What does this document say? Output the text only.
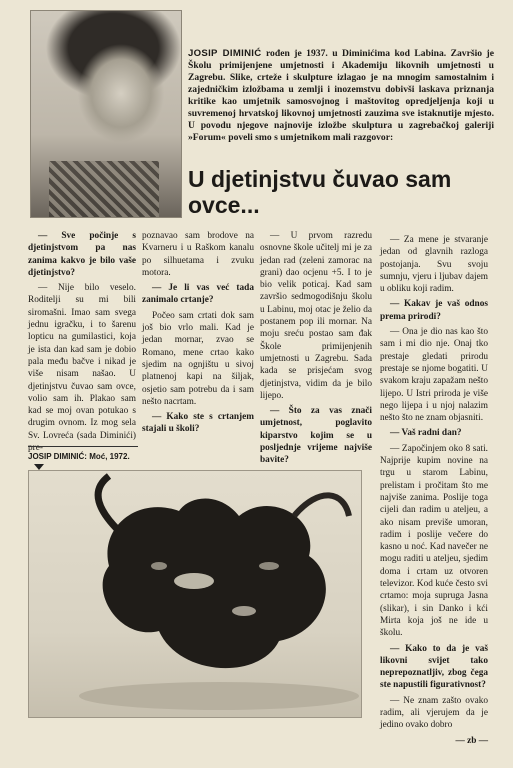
JOSIP DIMINIĆ rođen je 1937. u Diminićima kod Labina. Završio je Školu primijenjene umjetnosti i Akademiju likovnih umjetnosti u Zagrebu. Slike, crteže i skulpture izlagao je na mnogim samostalnim i zajedničkim izložbama u zemlji i inozemstvu dobivši laskava priznanja kritike kao umjetnik samosvojnog i maštovitog opredjeljenja koji u suvremenoj hrvatskoj likovnoj umjetnosti zauzima sve istaknutije mjesto. U povodu njegove najnovije izložbe skulptura u zagrebačkoj galeriji »Forum« poveli smo s umjetnikom mali razgovor:

U djetinjstvu čuvao sam ovce...

— Sve počinje s djetinjstvom pa nas zanima kakvo je bilo vaše djetinjstvo?

— Nije bilo veselo. Roditelji su mi bili siromašni. Imao sam svega jednu igračku, i to šarenu lopticu na gumilastici, koja je ista dan kad sam je dobio pala među bačve i nikad je više nisam našao. U djetinjstvu čuvao sam ovce, volio sam ih. Plakao sam kad se moj ovan potukao s drugim ovnom. Iz mog sela Sv. Lovreća (sada Diminići) pre-

poznavao sam brodove na Kvarneru i u Raškom kanalu po silhuetama i zvuku motora.

— Je li vas već tada zanimalo crtanje?

Počeo sam crtati dok sam još bio vrlo mali. Kad je jedan mornar, zvao se Romano, mene crtao kako sjedim na ognjištu u sivoj platnenoj kapi na šiljak, osjetio sam potrebu da i sam nešto nacrtam.

— Kako ste s crtanjem stajali u školi?

— U prvom razredu osnovne škole učitelj mi je za jedan rad (zeleni zamorac na grani) dao ocjenu +5. I to je bio velik poticaj. Kad sam završio sedmogodišnju školu u Labinu, moj otac je želio da postanem pop ili mornar. Na moju sreću postao sam đak Škole primijenjenih umjetnosti u Zagrebu. Sada kada se prisjećam svog djetinjstva, vidim da je bilo lijepo.

— Što za vas znači umjetnost, poglavito kiparstvo kojim se u posljednje vrijeme najviše bavite?

— Za mene je stvaranje jedan od glavnih razloga postojanja. Svu svoju sumnju, vjeru i ljubav dajem u obliku koji radim.

— Kakav je vaš odnos prema prirodi?

— Ona je dio nas kao što sam i mi dio nje. Onaj tko prestaje gledati prirodu prestaje se njome bogatiti. U svakom kraju zapažam nešto lijepo. U Istri priroda je više nego lijepa i u njoj nalazim nešto što ne znam objasniti.

— Vaš radni dan?

— Započinjem oko 8 sati. Najprije kupim novine na trgu u starom Labinu, prelistam i pročitam što me najviše zanima. Poslije toga cijeli dan radim u ateljeu, a ako nisam previše umoran, radim i poslije večere do kasno u noć. Kad navečer ne mogu raditi u ateljeu, sjedim doma i crtam uz otvoren televizor. Kod kuće često svi crtamo: moja supruga Jasna (slikar), i sin Danko i kći Mirta koja još ne ide u školu.

— Kako to da je vaš likovni svijet tako neprepoznatljiv, zbog čega ste napustili figurativnost?

— Ne znam zašto ovako radim, ali vjerujem da je jedino ovako dobro

— zb —

JOSIP DIMINIĆ: Moć, 1972.
